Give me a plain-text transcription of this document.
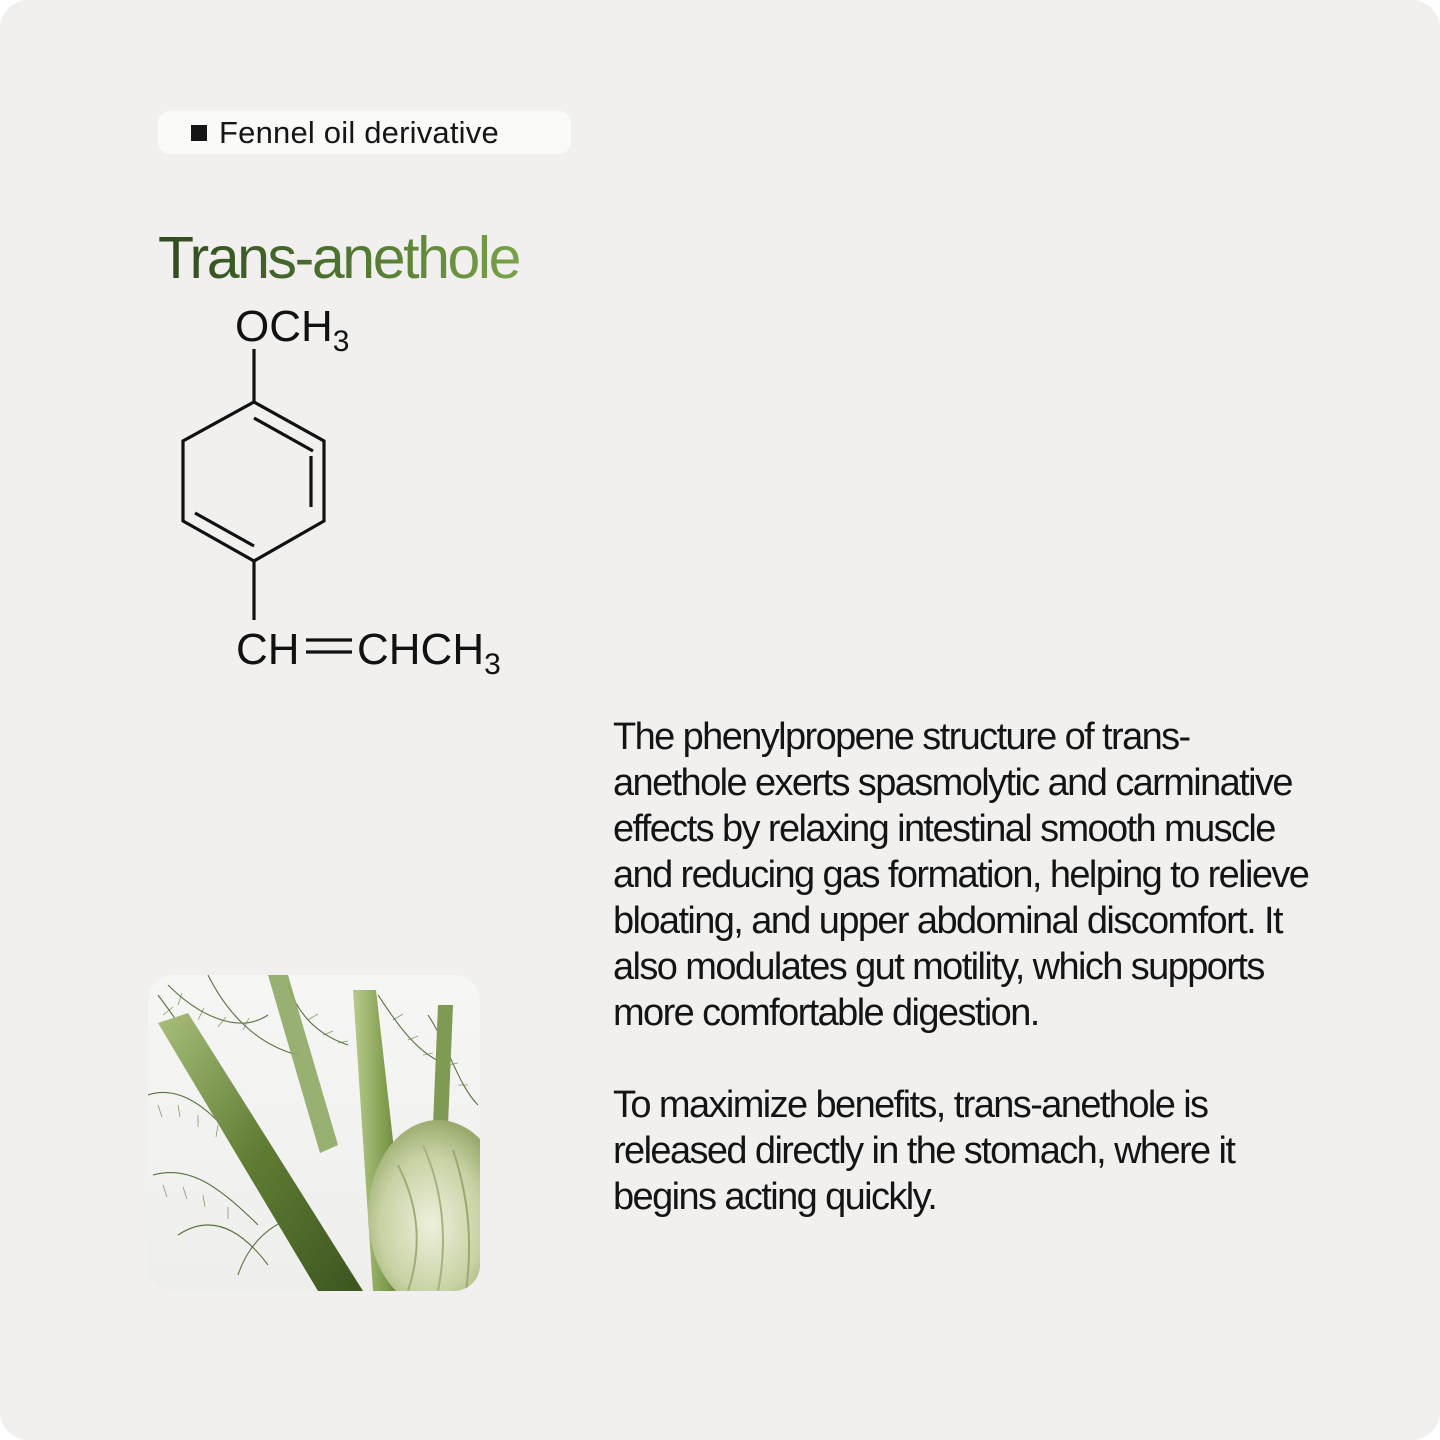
Fennel oil derivative
Trans-anethole
$OCH_3$
CH $CHCH_3$

The phenylpropene structure of trans-anethole exerts spasmolytic and carminative effects by relaxing intestinal smooth muscle and reducing gas formation, helping to relieve bloating, and upper abdominal discomfort. It also modulates gut motility, which supports more comfortable digestion.

To maximize benefits, trans-anethole is released directly in the stomach, where it begins acting quickly.
